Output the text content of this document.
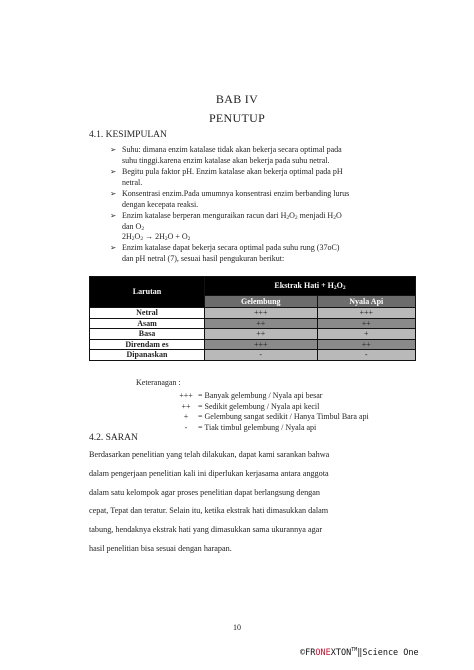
BAB IV
PENUTUP
4.1. KESIMPULAN
➢ Suhu: dimana enzim katalase tidak akan bekerja secara optimal pada
suhu tinggi.karena enzim katalase akan bekerja pada suhu netral.
➢ Begitu pula faktor pH. Enzim katalase akan bekerja optimal pada pH
netral.
➢ Konsentrasi enzim.Pada umumnya konsentrasi enzim berbanding lurus
dengan kecepata reaksi.
➢ Enzim katalase berperan menguraikan racun dari $H_2O_2$ menjadi $H_2O$
dan $O_2$
$2H_2O_2 \to 2H_2O + O_2$
➢ Enzim katalase dapat bekerja secara optimal pada suhu rung (37oC)
dan pH netral (7), sesuai hasil pengukuran berikut:
Larutan	Ekstrak Hati + $H_2O_2$
	Gelembung	Nyala Api
Netral	+++	+++
Asam	++	++
Basa	++	+
Direndam es	+++	++
Dipanaskan	-	-
Keteranagan :
+++ = Banyak gelembung / Nyala api besar
++ = Sedikit gelembung / Nyala api kecil
+ = Gelembung sangat sedikit / Hanya Timbul Bara api
- = Tiak timbul gelembung / Nyala api
4.2. SARAN

Berdasarkan penelitian yang telah dilakukan, dapat kami sarankan bahwa

dalam pengerjaan penelitian kali ini diperlukan kerjasama antara anggota

dalam satu kelompok agar proses penelitian dapat berlangsung dengan

cepat, Tepat dan teratur. Selain itu, ketika ekstrak hati dimasukkan dalam

tabung, hendaknya ekstrak hati yang dimasukkan sama ukurannya agar

hasil penelitian bisa sesuai dengan harapan.

10
©FRONEXTON™‖Science One
